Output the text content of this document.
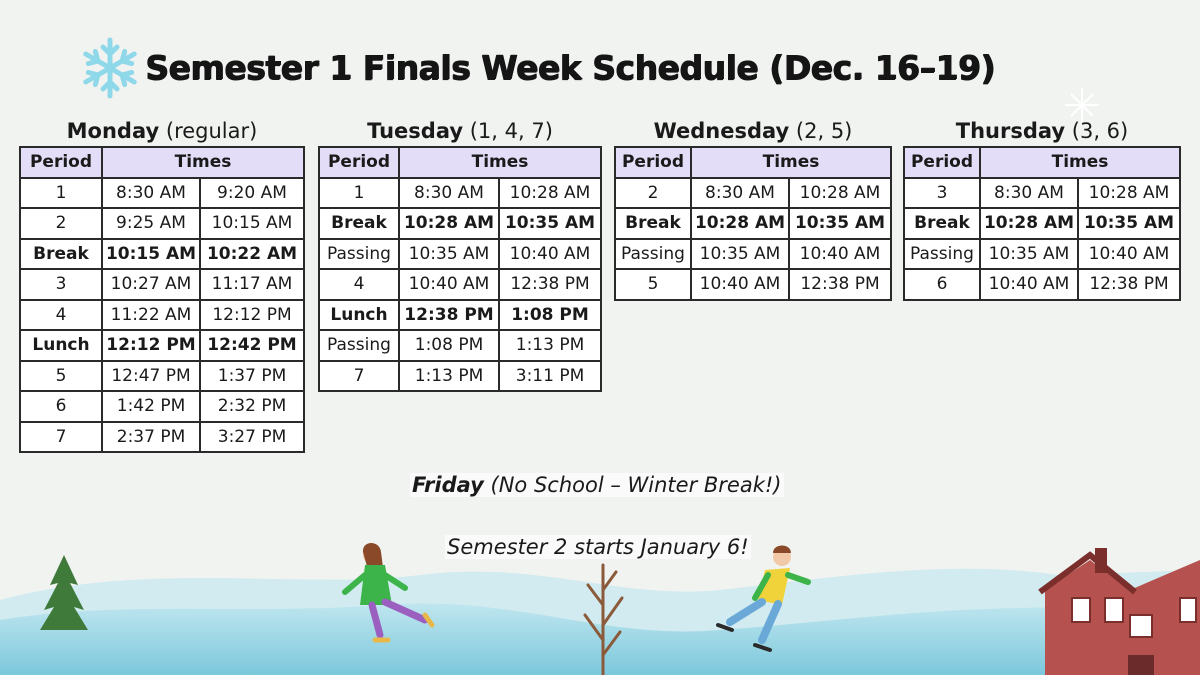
Semester 1 Finals Week Schedule (Dec. 16–19)
Monday (regular)
Period	Times	
1	8:30 AM	9:20 AM
2	9:25 AM	10:15 AM
Break	10:15 AM	10:22 AM
3	10:27 AM	11:17 AM
4	11:22 AM	12:12 PM
Lunch	12:12 PM	12:42 PM
5	12:47 PM	1:37 PM
6	1:42 PM	2:32 PM
7	2:37 PM	3:27 PM
Tuesday (1, 4, 7)
Period	Times	
1	8:30 AM	10:28 AM
Break	10:28 AM	10:35 AM
Passing	10:35 AM	10:40 AM
4	10:40 AM	12:38 PM
Lunch	12:38 PM	1:08 PM
Passing	1:08 PM	1:13 PM
7	1:13 PM	3:11 PM
Wednesday (2, 5)
Period	Times	
2	8:30 AM	10:28 AM
Break	10:28 AM	10:35 AM
Passing	10:35 AM	10:40 AM
5	10:40 AM	12:38 PM
Thursday (3, 6)
Period	Times	
3	8:30 AM	10:28 AM
Break	10:28 AM	10:35 AM
Passing	10:35 AM	10:40 AM
6	10:40 AM	12:38 PM
Friday (No School – Winter Break!)
Semester 2 starts January 6!
